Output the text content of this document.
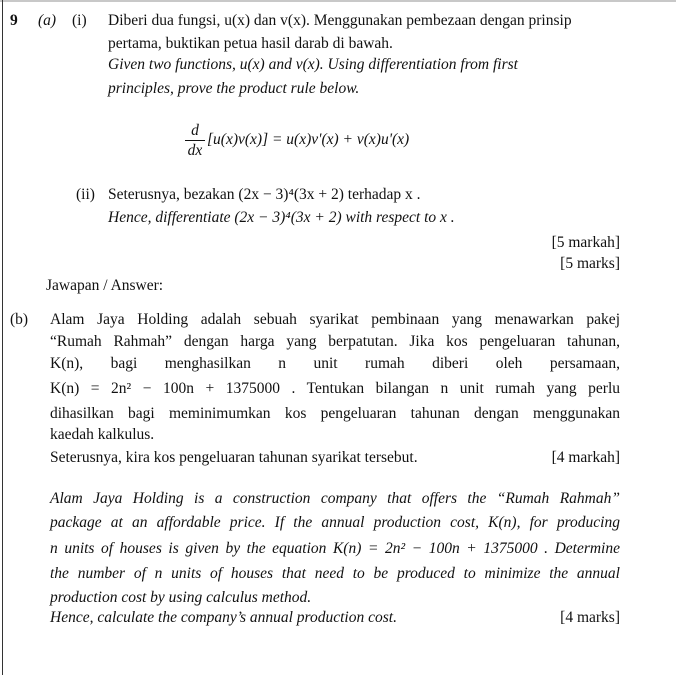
9 (a) (i) Diberi dua fungsi, u(x) dan v(x). Menggunakan pembezaan dengan prinsip
pertama, buktikan petua hasil darab di bawah.
Given two functions, u(x) and v(x). Using differentiation from first
principles, prove the product rule below.
d
dx
[u(x)v(x)] = u(x)v'(x) + v(x)u'(x)
(ii) Seterusnya, bezakan (2x − 3)⁴(3x + 2) terhadap x .
Hence, differentiate (2x − 3)⁴(3x + 2) with respect to x .
[5 markah]
[5 marks]
Jawapan / Answer:
(b) Alam Jaya Holding adalah sebuah syarikat pembinaan yang menawarkan pakej
“Rumah Rahmah” dengan harga yang berpatutan. Jika kos pengeluaran tahunan,
K(n), bagi menghasilkan n unit rumah diberi oleh persamaan,
K(n) = 2n² − 100n + 1375000 . Tentukan bilangan n unit rumah yang perlu
dihasilkan bagi meminimumkan kos pengeluaran tahunan dengan menggunakan
kaedah kalkulus.
Seterusnya, kira kos pengeluaran tahunan syarikat tersebut.	[4 markah]
Alam Jaya Holding is a construction company that offers the “Rumah Rahmah”
package at an affordable price. If the annual production cost, K(n), for producing
n units of houses is given by the equation K(n) = 2n² − 100n + 1375000 . Determine
the number of n units of houses that need to be produced to minimize the annual
production cost by using calculus method.
Hence, calculate the company’s annual production cost.	[4 marks]
